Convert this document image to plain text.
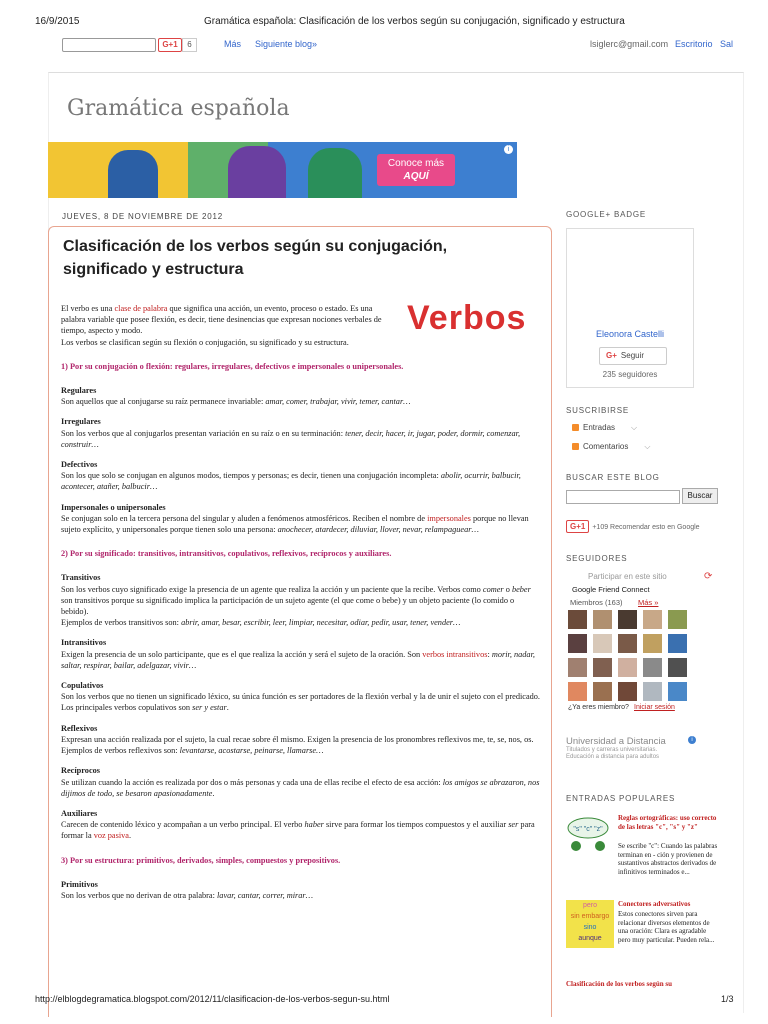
16/9/2015	Gramática española: Clasificación de los verbos según su conjugación, significado y estructura
G+1	6	Más Siguiente blog»	lsiglerc@gmail.com Escritorio Sal
Gramática española
Conoce más
AQUÍ
i
JUEVES, 8 DE NOVIEMBRE DE 2012
Clasificación de los verbos según su conjugación, significado y estructura
Verbos

El verbo es una clase de palabra que significa una acción, un evento, proceso o estado. Es una palabra variable que posee flexión, es decir, tiene desinencias que expresan nociones verbales de tiempo, aspecto y modo.
Los verbos se clasifican según su flexión o conjugación, su significado y su estructura.

1) Por su conjugación o flexión: regulares, irregulares, defectivos e impersonales o unipersonales.

Regulares

Son aquellos que al conjugarse su raíz permanece invariable: amar, comer, trabajar, vivir, temer, cantar…

Irregulares

Son los verbos que al conjugarlos presentan variación en su raíz o en su terminación: tener, decir, hacer, ir, jugar, poder, dormir, comenzar, construir…

Defectivos

Son los que solo se conjugan en algunos modos, tiempos y personas; es decir, tienen una conjugación incompleta: abolir, ocurrir, balbucir, acontecer, atañer, balbucir…

Impersonales o unipersonales

Se conjugan solo en la tercera persona del singular y aluden a fenómenos atmosféricos. Reciben el nombre de impersonales porque no llevan sujeto explícito, y unipersonales porque tienen solo una persona: anochecer, atardecer, diluviar, llover, nevar, relampaguear…

2) Por su significado: transitivos, intransitivos, copulativos, reflexivos, recíprocos y auxiliares.

Transitivos

Son los verbos cuyo significado exige la presencia de un agente que realiza la acción y un paciente que la recibe. Verbos como comer o beber son transitivos porque su significado implica la participación de un sujeto agente (el que come o bebe) y un objeto paciente (lo comido o bebido).
Ejemplos de verbos transitivos son: abrir, amar, besar, escribir, leer, limpiar, necesitar, odiar, pedir, usar, tener, vender…

Intransitivos

Exigen la presencia de un solo participante, que es el que realiza la acción y será el sujeto de la oración. Son verbos intransitivos: morir, nadar, saltar, respirar, bailar, adelgazar, vivir…

Copulativos

Son los verbos que no tienen un significado léxico, su única función es ser portadores de la flexión verbal y la de unir el sujeto con el predicado. Los principales verbos copulativos son ser y estar.

Reflexivos

Expresan una acción realizada por el sujeto, la cual recae sobre él mismo. Exigen la presencia de los pronombres reflexivos me, te, se, nos, os. Ejemplos de verbos reflexivos son: levantarse, acostarse, peinarse, llamarse…

Recíprocos

Se utilizan cuando la acción es realizada por dos o más personas y cada una de ellas recibe el efecto de esa acción: los amigos se abrazaron, nos dijimos de todo, se besaron apasionadamente.

Auxiliares

Carecen de contenido léxico y acompañan a un verbo principal. El verbo haber sirve para formar los tiempos compuestos y el auxiliar ser para formar la voz pasiva.

3) Por su estructura: primitivos, derivados, simples, compuestos y prepositivos.

Primitivos

Son los verbos que no derivan de otra palabra: lavar, cantar, correr, mirar…

GOOGLE+ BADGE
Eleonora Castelli
G+ Seguir
235 seguidores
SUSCRIBIRSE
Entradas ⌵
Comentarios ⌵
BUSCAR ESTE BLOG
Buscar
G+1 +109 Recomendar esto en Google
SEGUIDORES
Participar en este sitio	⟳
Google Friend Connect
Miembros (163) Más »
¿Ya eres miembro? Iniciar sesión
Universidad a Distancia
Titulados y carreras universitarias.
Educación a distancia para adultos
i
ENTRADAS POPULARES
"s" "c" "z"
Reglas ortográficas: uso correcto de las letras "c", "s" y "z"
Se escribe "c": Cuando las palabras terminan en - ción y provienen de sustantivos abstractos derivados de infinitivos terminados e...
pero
sin embargo
sino
aunque
Conectores adversativos
Estos conectores sirven para relacionar diversos elementos de una oración: Clara es agradable pero muy particular. Pueden rela...
Clasificación de los verbos según su
http://elblogdegramatica.blogspot.com/2012/11/clasificacion-de-los-verbos-segun-su.html	1/3
